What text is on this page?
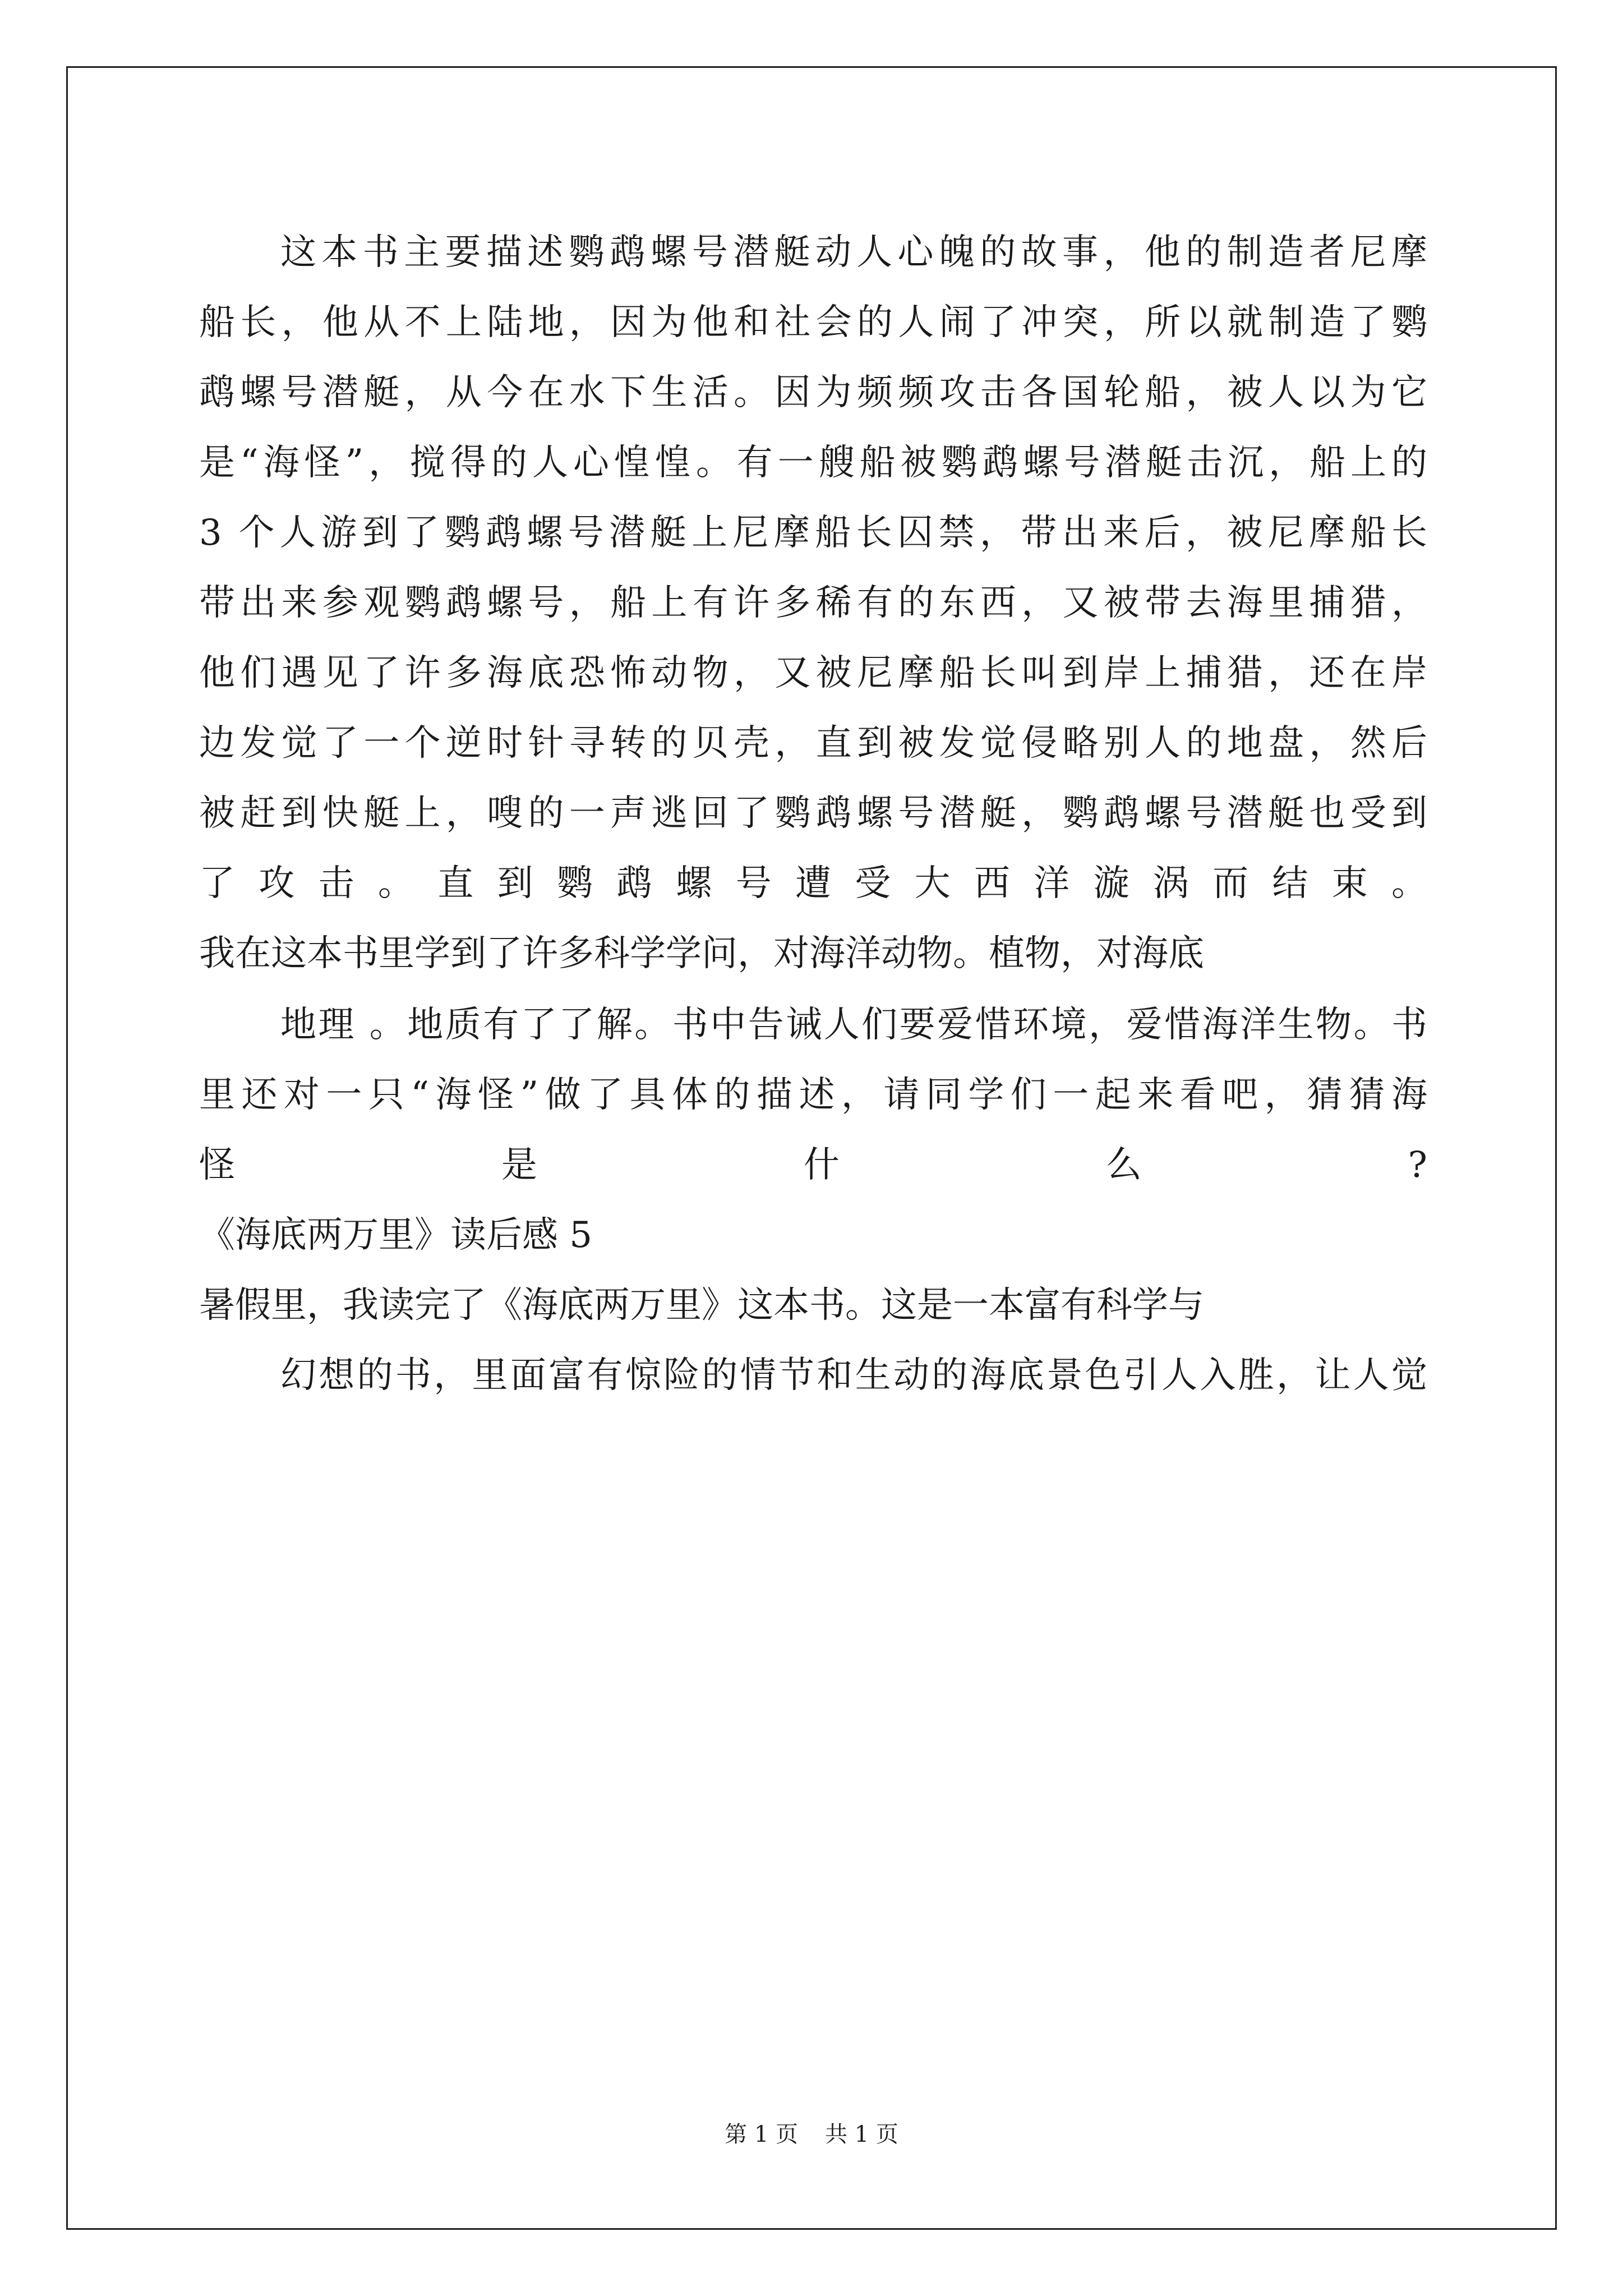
这本书主要描述鹦鹉螺号潜艇动人心魄的故事，他的制造者尼摩
船长，他从不上陆地，因为他和社会的人闹了冲突，所以就制造了鹦
鹉螺号潜艇，从今在水下生活。因为频频攻击各国轮船，被人以为它
是“海怪”，搅得的人心惶惶。有一艘船被鹦鹉螺号潜艇击沉，船上的
3 个人游到了鹦鹉螺号潜艇上尼摩船长囚禁，带出来后，被尼摩船长
带出来参观鹦鹉螺号，船上有许多稀有的东西，又被带去海里捕猎，
他们遇见了许多海底恐怖动物，又被尼摩船长叫到岸上捕猎，还在岸
边发觉了一个逆时针寻转的贝壳，直到被发觉侵略别人的地盘，然后
被赶到快艇上，嗖的一声逃回了鹦鹉螺号潜艇，鹦鹉螺号潜艇也受到
了攻击。直到鹦鹉螺号遭受大西洋漩涡而结束。
我在这本书里学到了许多科学学问，对海洋动物。植物，对海底
地理 。地质有了了解。书中告诫人们要爱惜环境，爱惜海洋生物。书
里还对一只“海怪”做了具体的描述，请同学们一起来看吧，猜猜海
怪是什么?
《海底两万里》读后感 5
暑假里，我读完了《海底两万里》这本书。这是一本富有科学与
幻想的书，里面富有惊险的情节和生动的海底景色引人入胜，让人觉
第 1 页 共 1 页
